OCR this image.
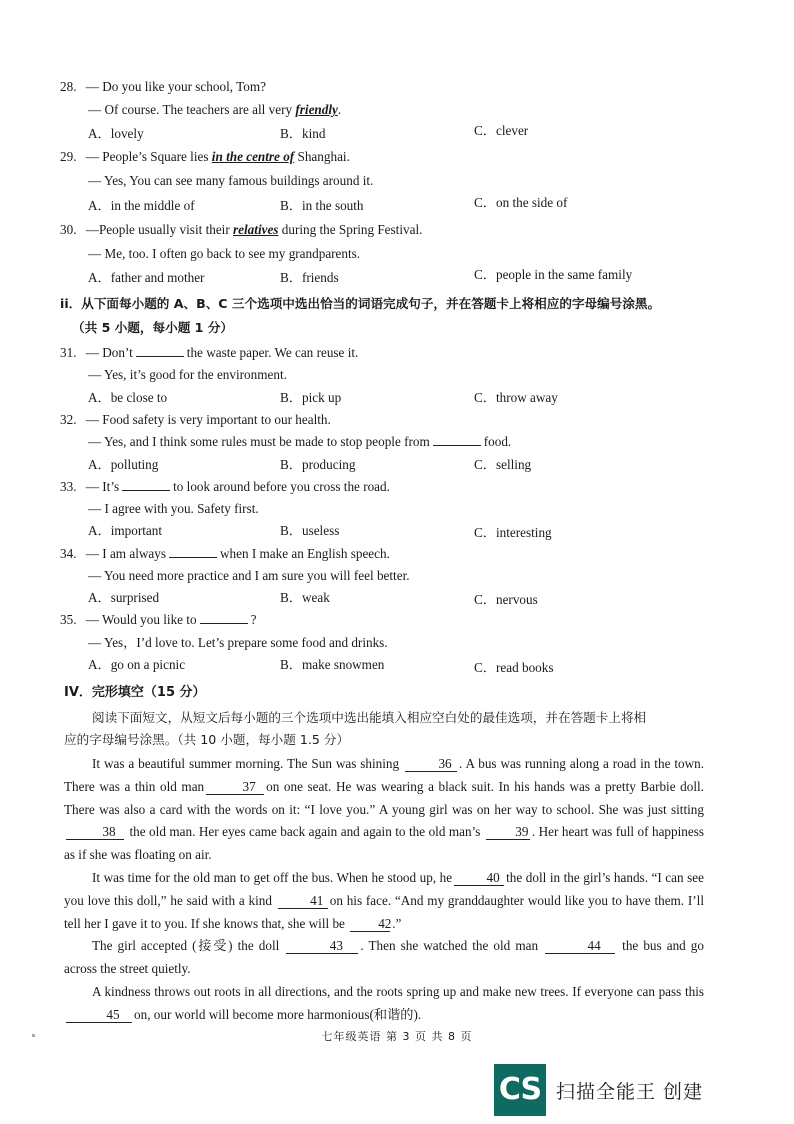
28. — Do you like your school, Tom?
— Of course. The teachers are all very friendly.
A．lovely	B．kind	C．clever
29. — People’s Square lies in the centre of Shanghai.
— Yes, You can see many famous buildings around it.
A．in the middle of	B．in the south	C．on the side of
30. —People usually visit their relatives during the Spring Festival.
— Me, too. I often go back to see my grandparents.
A．father and mother	B．friends	C．people in the same family
ii．从下面每小题的 A、B、C 三个选项中选出恰当的词语完成句子，并在答题卡上将相应的字母编号涂黑。
（共 5 小题，每小题 1 分）
31. — Don’t	the waste paper. We can reuse it.
— Yes, it’s good for the environment.
A．be close to	B．pick up	C．throw away
32. — Food safety is very important to our health.
— Yes, and I think some rules must be made to stop people from	food.
A．polluting	B．producing	C．selling
33. — It’s	to look around before you cross the road.
— I agree with you. Safety first.
A．important	B．useless	C．interesting
34. — I am always	when I make an English speech.
— You need more practice and I am sure you will feel better.
A．surprised	B．weak	C．nervous
35. — Would you like to	?
— Yes，I’d love to. Let’s prepare some food and drinks.
A．go on a picnic	B．make snowmen	C．read books
IV．完形填空（15 分）
阅读下面短文，从短文后每小题的三个选项中选出能填入相应空白处的最佳选项，并在答题卡上将相
应的字母编号涂黑。（共 10 小题，每小题 1.5 分）

It was a beautiful summer morning. The Sun was shining	36 . A bus was running along a road in the town. There was a thin old man	37 on one seat. He was wearing a black suit. In his hands was a pretty Barbie doll. There was also a card with the words on it: “I love you.” A young girl was on her way to school. She was just sitting 38 the old man. Her eyes came back again and again to the old man’s 39 . Her heart was full of happiness as if she was floating on air.

It was time for the old man to get off the bus. When he stood up, he	40 the doll in the girl’s hands. “I can see you love this doll,” he said with a kind	41 on his face. “And my granddaughter would like you to have them. I’ll tell her I gave it to you. If she knows that, she will be 42.”

The girl accepted (接受) the doll	43 . Then she watched the old man	44 the bus and go across the street quietly.

A kindness throws out roots in all directions, and the roots spring up and make new trees. If everyone can pass this 45 on, our world will become more harmonious(和谐的).

七年级英语 第 3 页 共 8 页
CS 扫描全能王 创建
